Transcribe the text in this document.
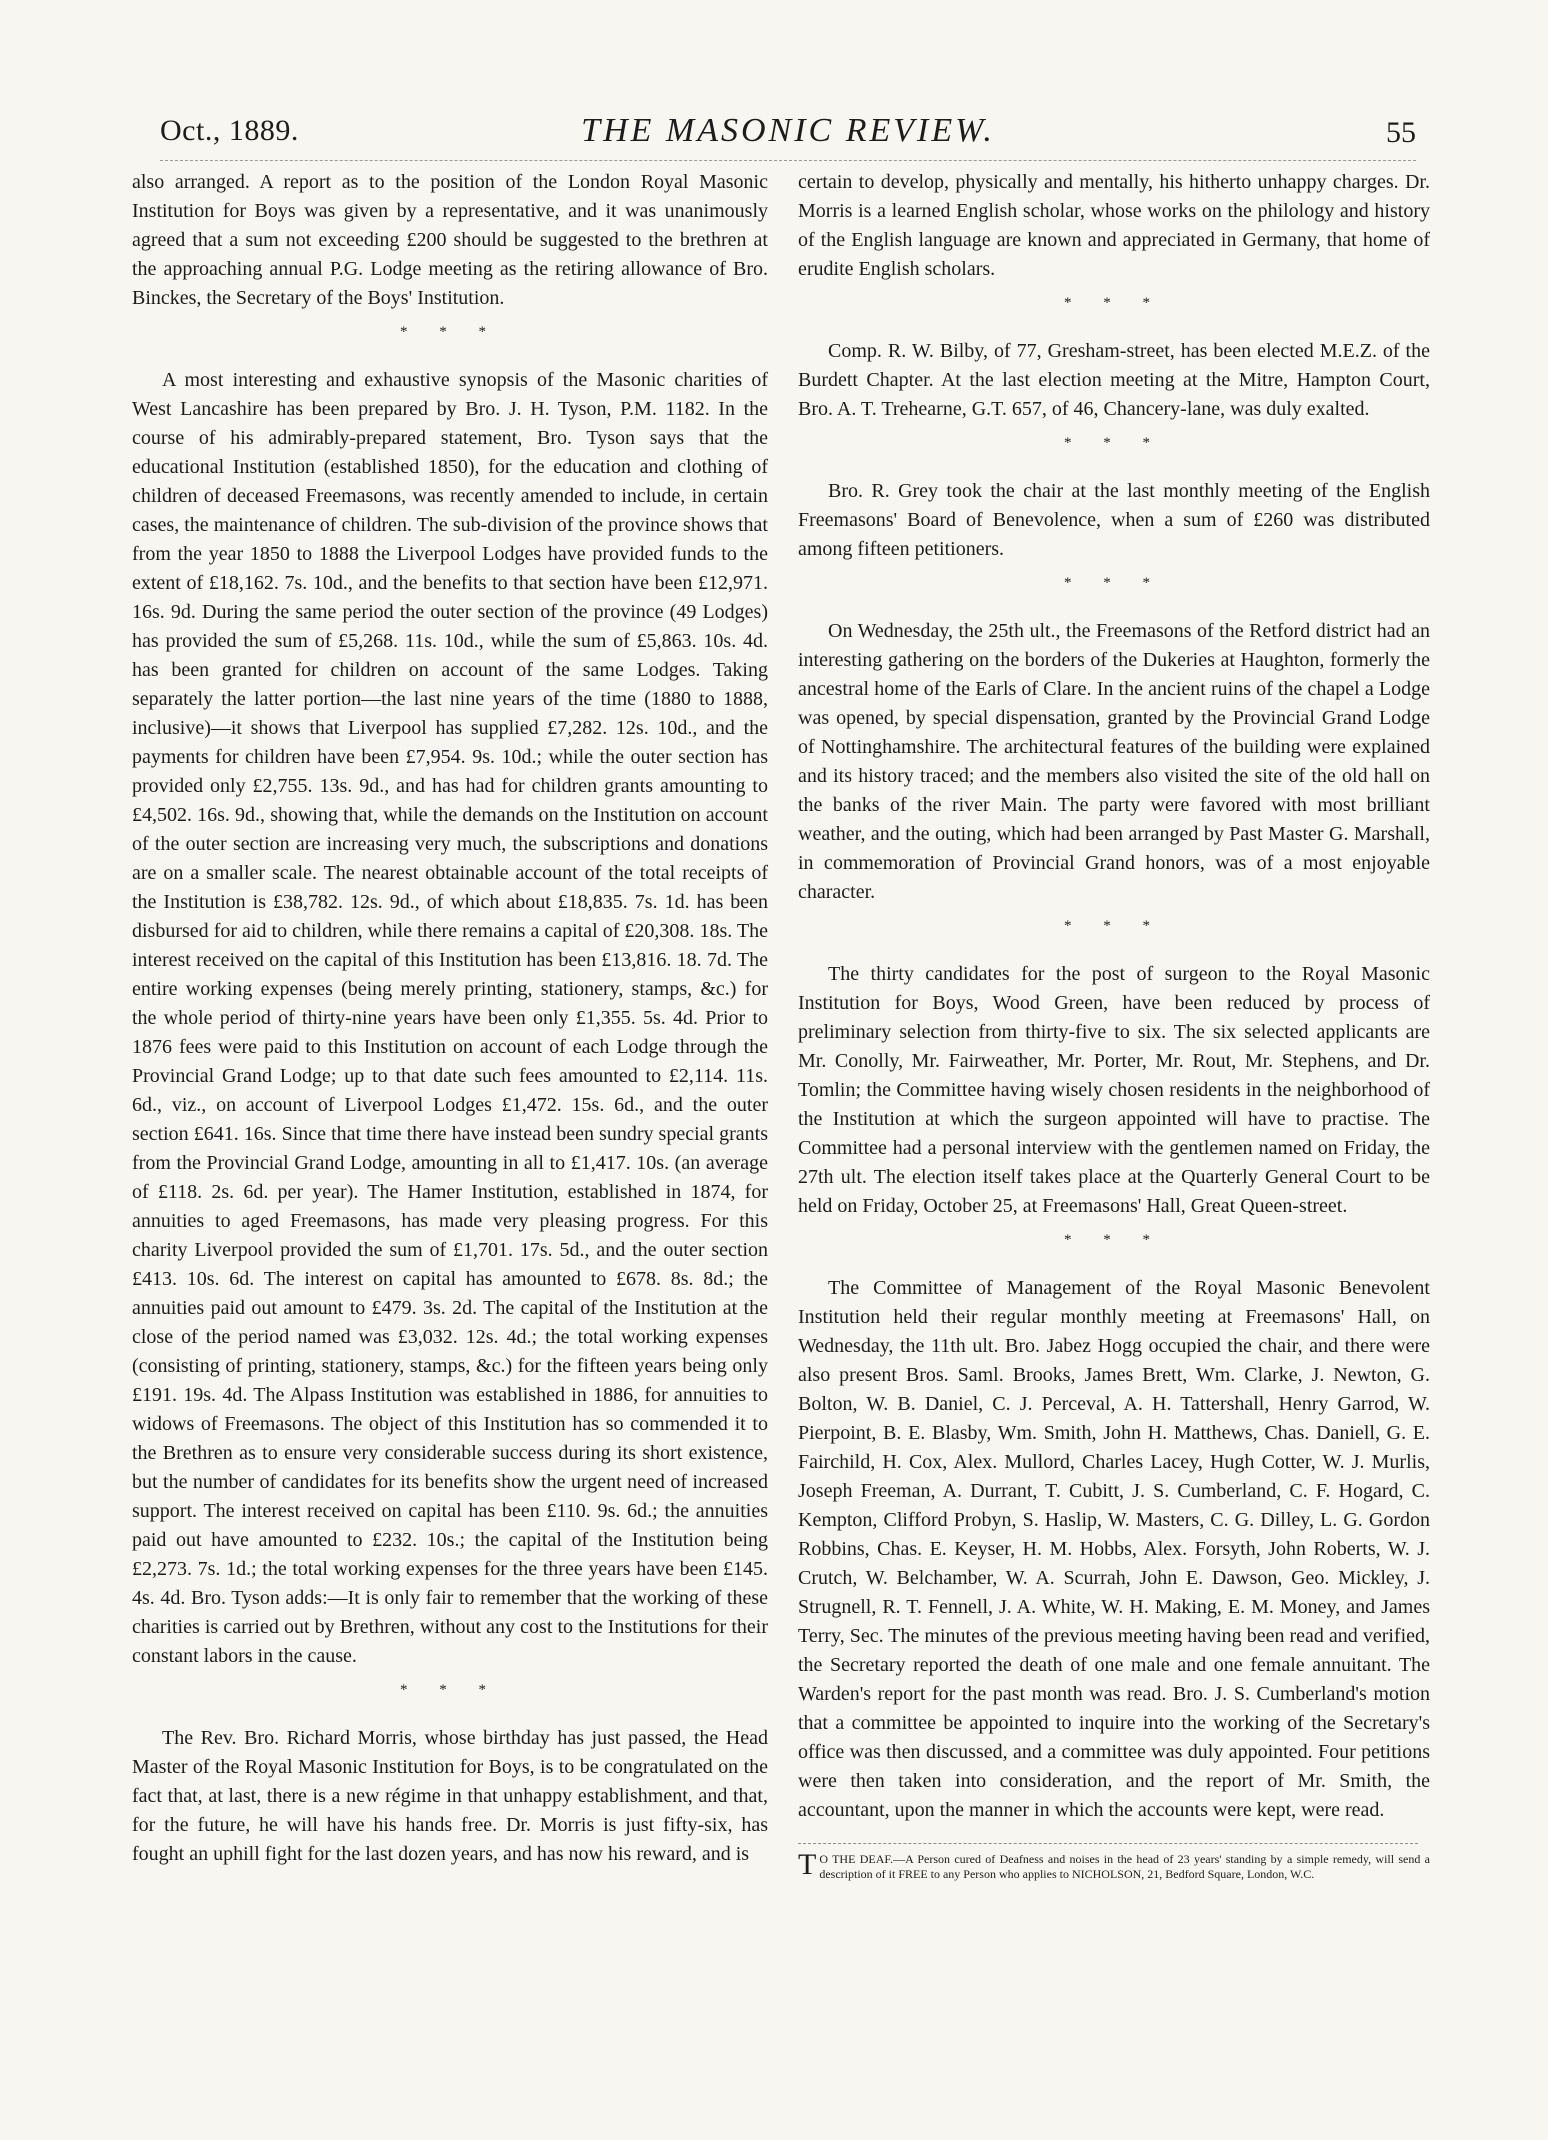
Oct., 1889.	THE MASONIC REVIEW.	55

also arranged. A report as to the position of the London Royal Masonic Institution for Boys was given by a representative, and it was unanimously agreed that a sum not exceeding £200 should be suggested to the brethren at the approaching annual P.G. Lodge meeting as the retiring allowance of Bro. Binckes, the Secretary of the Boys' Institution.

* * *

A most interesting and exhaustive synopsis of the Masonic charities of West Lancashire has been prepared by Bro. J. H. Tyson, P.M. 1182. In the course of his admirably-prepared statement, Bro. Tyson says that the educational Institution (established 1850), for the education and clothing of children of deceased Freemasons, was recently amended to include, in certain cases, the maintenance of children. The sub-division of the province shows that from the year 1850 to 1888 the Liverpool Lodges have provided funds to the extent of £18,162. 7s. 10d., and the benefits to that section have been £12,971. 16s. 9d. During the same period the outer section of the province (49 Lodges) has provided the sum of £5,268. 11s. 10d., while the sum of £5,863. 10s. 4d. has been granted for children on account of the same Lodges. Taking separately the latter portion—the last nine years of the time (1880 to 1888, inclusive)—it shows that Liverpool has supplied £7,282. 12s. 10d., and the payments for children have been £7,954. 9s. 10d.; while the outer section has provided only £2,755. 13s. 9d., and has had for children grants amounting to £4,502. 16s. 9d., showing that, while the demands on the Institution on account of the outer section are increasing very much, the subscriptions and donations are on a smaller scale. The nearest obtainable account of the total receipts of the Institution is £38,782. 12s. 9d., of which about £18,835. 7s. 1d. has been disbursed for aid to children, while there remains a capital of £20,308. 18s. The interest received on the capital of this Institution has been £13,816. 18. 7d. The entire working expenses (being merely printing, stationery, stamps, &c.) for the whole period of thirty-nine years have been only £1,355. 5s. 4d. Prior to 1876 fees were paid to this Institution on account of each Lodge through the Provincial Grand Lodge; up to that date such fees amounted to £2,114. 11s. 6d., viz., on account of Liverpool Lodges £1,472. 15s. 6d., and the outer section £641. 16s. Since that time there have instead been sundry special grants from the Provincial Grand Lodge, amounting in all to £1,417. 10s. (an average of £118. 2s. 6d. per year). The Hamer Institution, established in 1874, for annuities to aged Freemasons, has made very pleasing progress. For this charity Liverpool provided the sum of £1,701. 17s. 5d., and the outer section £413. 10s. 6d. The interest on capital has amounted to £678. 8s. 8d.; the annuities paid out amount to £479. 3s. 2d. The capital of the Institution at the close of the period named was £3,032. 12s. 4d.; the total working expenses (consisting of printing, stationery, stamps, &c.) for the fifteen years being only £191. 19s. 4d. The Alpass Institution was established in 1886, for annuities to widows of Freemasons. The object of this Institution has so commended it to the Brethren as to ensure very considerable success during its short existence, but the number of candidates for its benefits show the urgent need of increased support. The interest received on capital has been £110. 9s. 6d.; the annuities paid out have amounted to £232. 10s.; the capital of the Institution being £2,273. 7s. 1d.; the total working expenses for the three years have been £145. 4s. 4d. Bro. Tyson adds:—It is only fair to remember that the working of these charities is carried out by Brethren, without any cost to the Institutions for their constant labors in the cause.

* * *

The Rev. Bro. Richard Morris, whose birthday has just passed, the Head Master of the Royal Masonic Institution for Boys, is to be congratulated on the fact that, at last, there is a new régime in that unhappy establishment, and that, for the future, he will have his hands free. Dr. Morris is just fifty-six, has fought an uphill fight for the last dozen years, and has now his reward, and is

certain to develop, physically and mentally, his hitherto unhappy charges. Dr. Morris is a learned English scholar, whose works on the philology and history of the English language are known and appreciated in Germany, that home of erudite English scholars.

* * *

Comp. R. W. Bilby, of 77, Gresham-street, has been elected M.E.Z. of the Burdett Chapter. At the last election meeting at the Mitre, Hampton Court, Bro. A. T. Trehearne, G.T. 657, of 46, Chancery-lane, was duly exalted.

* * *

Bro. R. Grey took the chair at the last monthly meeting of the English Freemasons' Board of Benevolence, when a sum of £260 was distributed among fifteen petitioners.

* * *

On Wednesday, the 25th ult., the Freemasons of the Retford district had an interesting gathering on the borders of the Dukeries at Haughton, formerly the ancestral home of the Earls of Clare. In the ancient ruins of the chapel a Lodge was opened, by special dispensation, granted by the Provincial Grand Lodge of Nottinghamshire. The architectural features of the building were explained and its history traced; and the members also visited the site of the old hall on the banks of the river Main. The party were favored with most brilliant weather, and the outing, which had been arranged by Past Master G. Marshall, in commemoration of Provincial Grand honors, was of a most enjoyable character.

* * *

The thirty candidates for the post of surgeon to the Royal Masonic Institution for Boys, Wood Green, have been reduced by process of preliminary selection from thirty-five to six. The six selected applicants are Mr. Conolly, Mr. Fairweather, Mr. Porter, Mr. Rout, Mr. Stephens, and Dr. Tomlin; the Committee having wisely chosen residents in the neighborhood of the Institution at which the surgeon appointed will have to practise. The Committee had a personal interview with the gentlemen named on Friday, the 27th ult. The election itself takes place at the Quarterly General Court to be held on Friday, October 25, at Freemasons' Hall, Great Queen-street.

* * *

The Committee of Management of the Royal Masonic Benevolent Institution held their regular monthly meeting at Freemasons' Hall, on Wednesday, the 11th ult. Bro. Jabez Hogg occupied the chair, and there were also present Bros. Saml. Brooks, James Brett, Wm. Clarke, J. Newton, G. Bolton, W. B. Daniel, C. J. Perceval, A. H. Tattershall, Henry Garrod, W. Pierpoint, B. E. Blasby, Wm. Smith, John H. Matthews, Chas. Daniell, G. E. Fairchild, H. Cox, Alex. Mullord, Charles Lacey, Hugh Cotter, W. J. Murlis, Joseph Freeman, A. Durrant, T. Cubitt, J. S. Cumberland, C. F. Hogard, C. Kempton, Clifford Probyn, S. Haslip, W. Masters, C. G. Dilley, L. G. Gordon Robbins, Chas. E. Keyser, H. M. Hobbs, Alex. Forsyth, John Roberts, W. J. Crutch, W. Belchamber, W. A. Scurrah, John E. Dawson, Geo. Mickley, J. Strugnell, R. T. Fennell, J. A. White, W. H. Making, E. M. Money, and James Terry, Sec. The minutes of the previous meeting having been read and verified, the Secretary reported the death of one male and one female annuitant. The Warden's report for the past month was read. Bro. J. S. Cumberland's motion that a committee be appointed to inquire into the working of the Secretary's office was then discussed, and a committee was duly appointed. Four petitions were then taken into consideration, and the report of Mr. Smith, the accountant, upon the manner in which the accounts were kept, were read.

T O THE DEAF.—A Person cured of Deafness and noises in the head of 23 years' standing by a simple remedy, will send a description of it FREE to any Person who applies to NICHOLSON, 21, Bedford Square, London, W.C.
